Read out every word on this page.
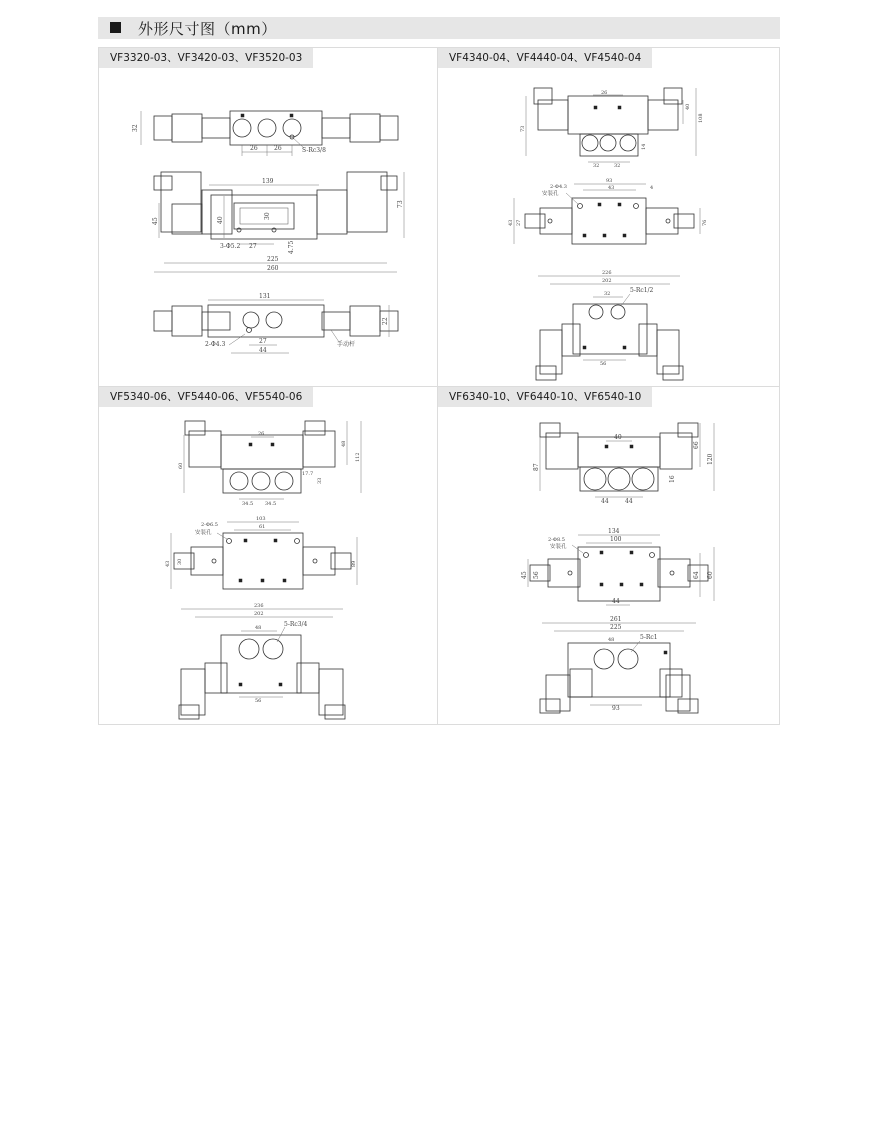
外形尺寸图（mm）
VF3320-03、VF3420-03、VF3520-03
32
26	26	S-Rc3/8
139
40
73
45
30
3-Φ5.2 27	4.75
225
260
131
22
27
44
2-Φ4.3	手动杆
VF4340-04、VF4440-04、VF4540-04
26
40
108
73
32	32
14
2-Φ4.3
安装孔
93
43	4
27
43	76
226
202
32	5-Rc1/2
56
VF5340-06、VF5440-06、VF5540-06
26
48
112
60
17.7
33
34.5 34.5
2-Φ6.5
安装孔
103
61
30
43	89
236
202
48	5-Rc3/4
56
VF6340-10、VF6440-10、VF6540-10
40
66
120
87
16
44	44
2-Φ8.5
安装孔
134
100
45 56	64 60
44
261
225
48	5-Rc1
93
